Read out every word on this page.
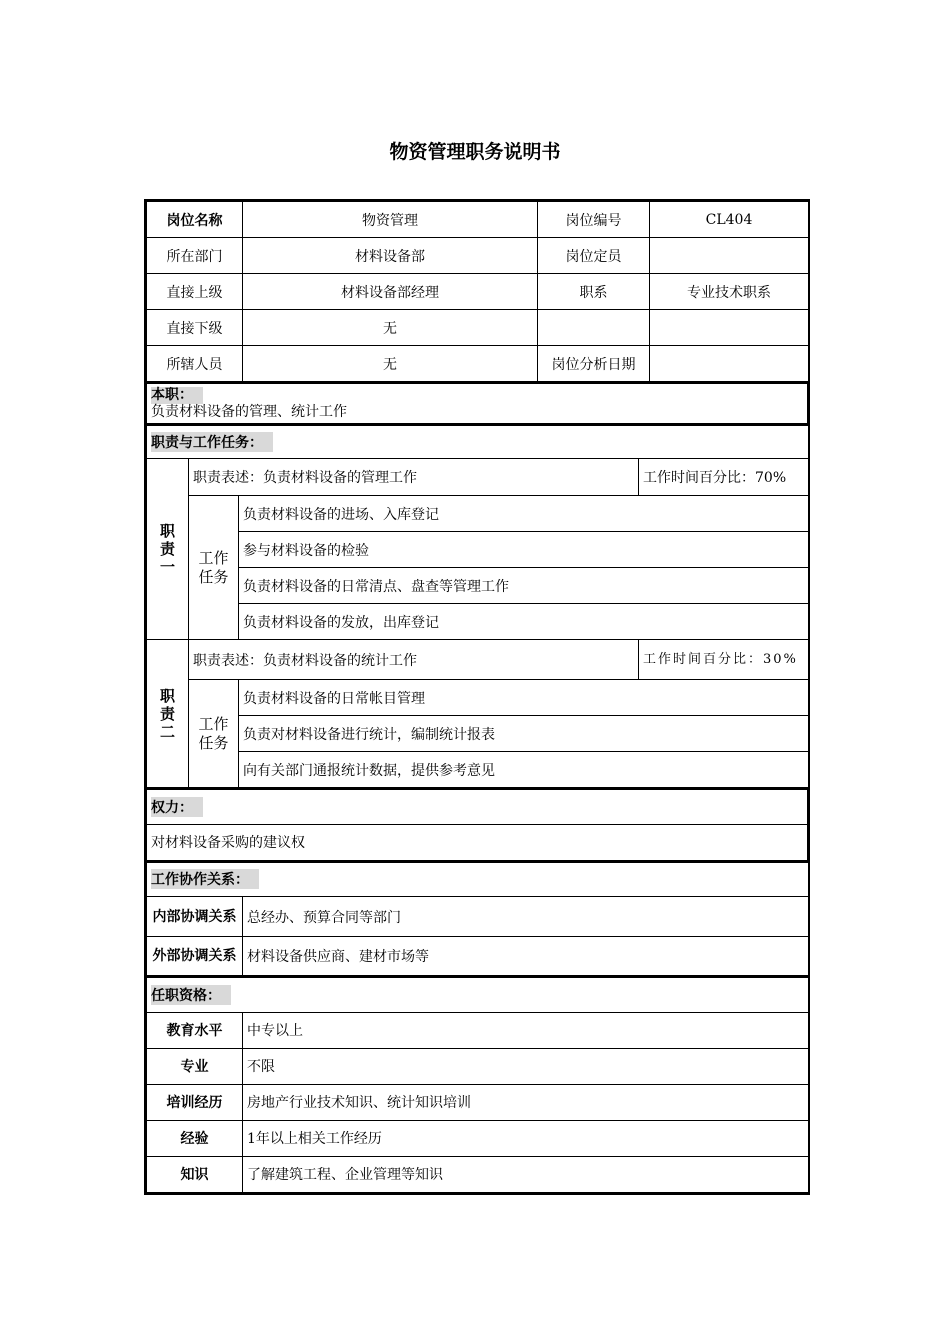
物资管理职务说明书
岗位名称	物资管理	岗位编号	CL404
所在部门	材料设备部	岗位定员	
直接上级	材料设备部经理	职系	专业技术职系
直接下级	无		
所辖人员	无	岗位分析日期	
本职：
负责材料设备的管理、统计工作
职责与工作任务：			
职责一	职责表述：负责材料设备的管理工作		工作时间百分比：70%
	工作任务	负责材料设备的进场、入库登记	
		参与材料设备的检验	
		负责材料设备的日常清点、盘查等管理工作	
		负责材料设备的发放，出库登记	
职责二	职责表述：负责材料设备的统计工作		工作时间百分比：30%
	工作任务	负责材料设备的日常帐目管理	
		负责对材料设备进行统计，编制统计报表	
		向有关部门通报统计数据，提供参考意见	
权力：
对材料设备采购的建议权
工作协作关系：	
内部协调关系	总经办、预算合同等部门
外部协调关系	材料设备供应商、建材市场等
任职资格：	
教育水平	中专以上
专业	不限
培训经历	房地产行业技术知识、统计知识培训
经验	1年以上相关工作经历
知识	了解建筑工程、企业管理等知识
